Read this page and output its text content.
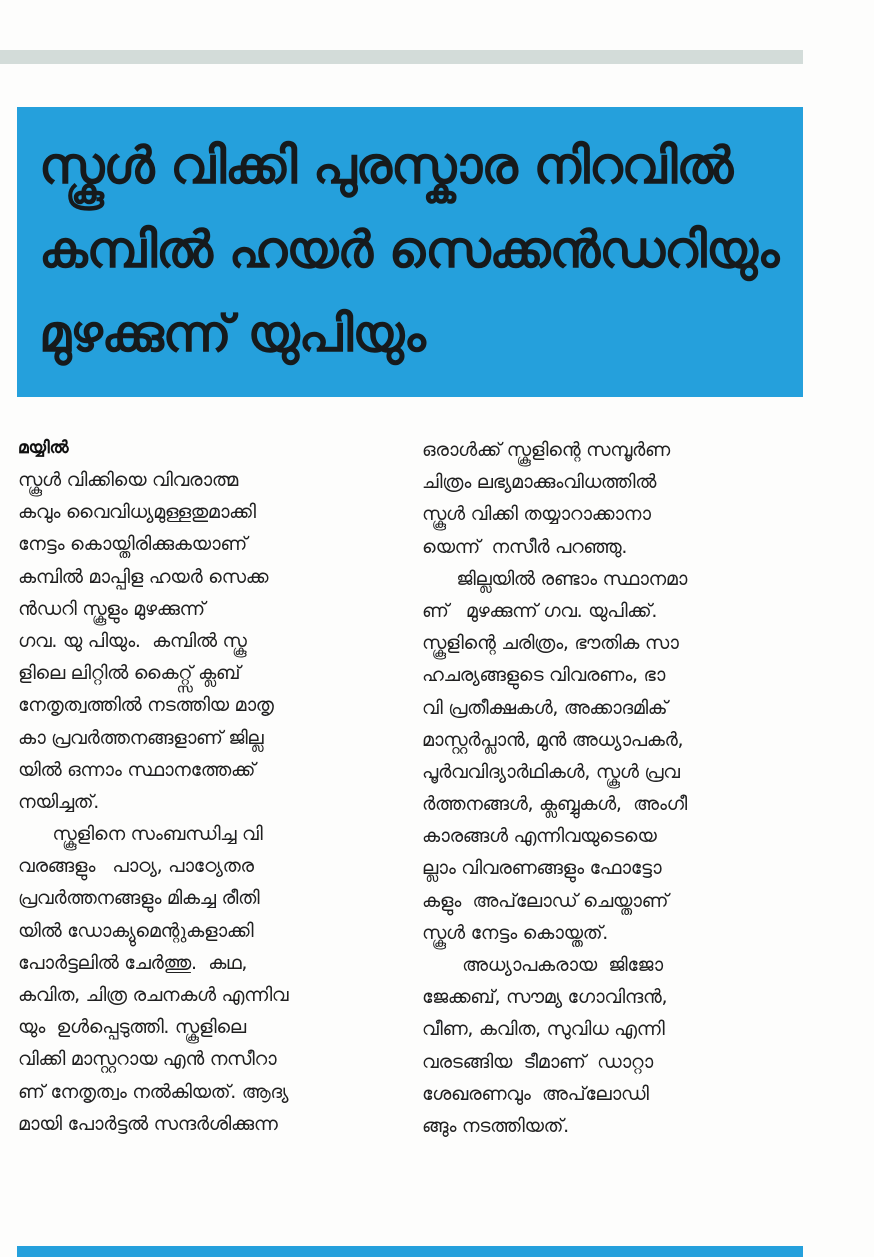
സ്കൂൾ വിക്കി പുരസ്കാര നിറവിൽ
കമ്പിൽ ഹയർ സെക്കൻഡറിയും
മുഴക്കുന്ന് യുപിയും
മയ്യിൽ
സ്കൂൾ വിക്കിയെ വിവരാത്മ
കവും വൈവിധ്യമുള്ളതുമാക്കി
നേട്ടം കൊയ്തിരിക്കുകയാണ്
കമ്പിൽ മാപ്പിള ഹയർ സെക്ക
ൻഡറി സ്കൂളും മുഴക്കുന്ന്
ഗവ. യു പിയും.  കമ്പിൽ സ്കൂ
ളിലെ ലിറ്റിൽ കൈറ്റ്സ് ക്ലബ്
നേതൃത്വത്തിൽ നടത്തിയ മാതൃ
കാ പ്രവർത്തനങ്ങളാണ് ജില്ല
യിൽ ഒന്നാം സ്ഥാനത്തേക്ക്
നയിച്ചത്.
സ്കൂളിനെ സംബന്ധിച്ച വി
വരങ്ങളും   പാഠ്യ, പാഠ്യേതര
പ്രവർത്തനങ്ങളും മികച്ച രീതി
യിൽ ഡോക്യുമെന്റുകളാക്കി
പോർട്ടലിൽ ചേർത്തു.  കഥ,
കവിത, ചിത്ര രചനകൾ എന്നിവ
യും  ഉൾപ്പെടുത്തി. സ്കൂളിലെ
വിക്കി മാസ്റ്ററായ എൻ നസീറാ
ണ് നേതൃത്വം നൽകിയത്. ആദ്യ
മായി പോർട്ടൽ സന്ദർശിക്കുന്ന
ഒരാൾക്ക് സ്കൂളിന്റെ സമ്പൂർണ
ചിത്രം ലഭ്യമാക്കുംവിധത്തിൽ
സ്കൂൾ വിക്കി തയ്യാറാക്കാനാ
യെന്ന്  നസീർ പറഞ്ഞു.
ജില്ലയിൽ രണ്ടാം സ്ഥാനമാ
ണ്   മുഴക്കുന്ന് ഗവ. യുപിക്ക്.
സ്കൂളിന്റെ ചരിത്രം, ഭൗതിക സാ
ഹചര്യങ്ങളുടെ വിവരണം, ഭാ
വി പ്രതീക്ഷകൾ, അക്കാദമിക്
മാസ്റ്റർപ്ലാൻ, മുൻ അധ്യാപകർ,
പൂർവവിദ്യാർഥികൾ, സ്കൂൾ പ്രവ
ർത്തനങ്ങൾ, ക്ലബ്ബുകൾ,  അംഗീ
കാരങ്ങൾ എന്നിവയുടെയെ
ല്ലാം വിവരണങ്ങളും ഫോട്ടോ
കളും  അപ്‌ലോഡ് ചെയ്താണ്
സ്കൂൾ നേട്ടം കൊയ്തത്.
അധ്യാപകരായ  ജിജോ
ജേക്കബ്, സൗമ്യ ഗോവിന്ദൻ,
വീണ, കവിത, സുവിധ എന്നി
വരടങ്ങിയ  ടീമാണ്  ഡാറ്റാ
ശേഖരണവും  അപ്‌ലോഡി
ങ്ങും നടത്തിയത്.
